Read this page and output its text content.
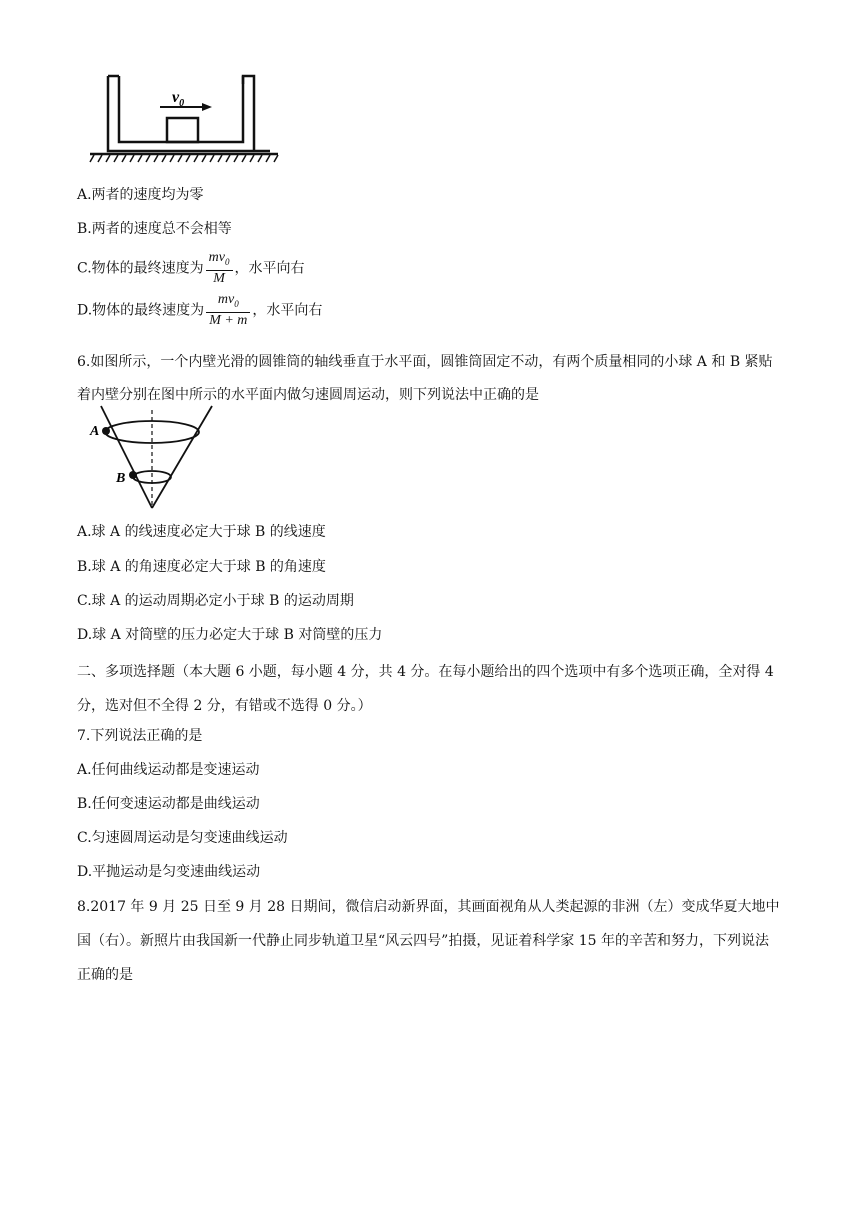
$v_0$
A.两者的速度均为零
B.两者的速度总不会相等
C.物体的最终速度为 $\frac{mv_0}{M}$ ，水平向右
D.物体的最终速度为 $\frac{mv_0}{M + m}$ ，水平向右
6.如图所示，一个内壁光滑的圆锥筒的轴线垂直于水平面，圆锥筒固定不动，有两个质量相同的小球 A 和 B 紧贴着内壁分别在图中所示的水平面内做匀速圆周运动，则下列说法中正确的是
A
B
A.球 A 的线速度必定大于球 B 的线速度
B.球 A 的角速度必定大于球 B 的角速度
C.球 A 的运动周期必定小于球 B 的运动周期
D.球 A 对筒壁的压力必定大于球 B 对筒壁的压力
二、多项选择题（本大题 6 小题，每小题 4 分，共 4 分。在每小题给出的四个选项中有多个选项正确，全对得 4 分，选对但不全得 2 分，有错或不选得 0 分。）
7.下列说法正确的是
A.任何曲线运动都是变速运动
B.任何变速运动都是曲线运动
C.匀速圆周运动是匀变速曲线运动
D.平抛运动是匀变速曲线运动
8.2017 年 9 月 25 日至 9 月 28 日期间，微信启动新界面，其画面视角从人类起源的非洲（左）变成华夏大地中国（右）。新照片由我国新一代静止同步轨道卫星“风云四号”拍摄，见证着科学家 15 年的辛苦和努力，下列说法正确的是
